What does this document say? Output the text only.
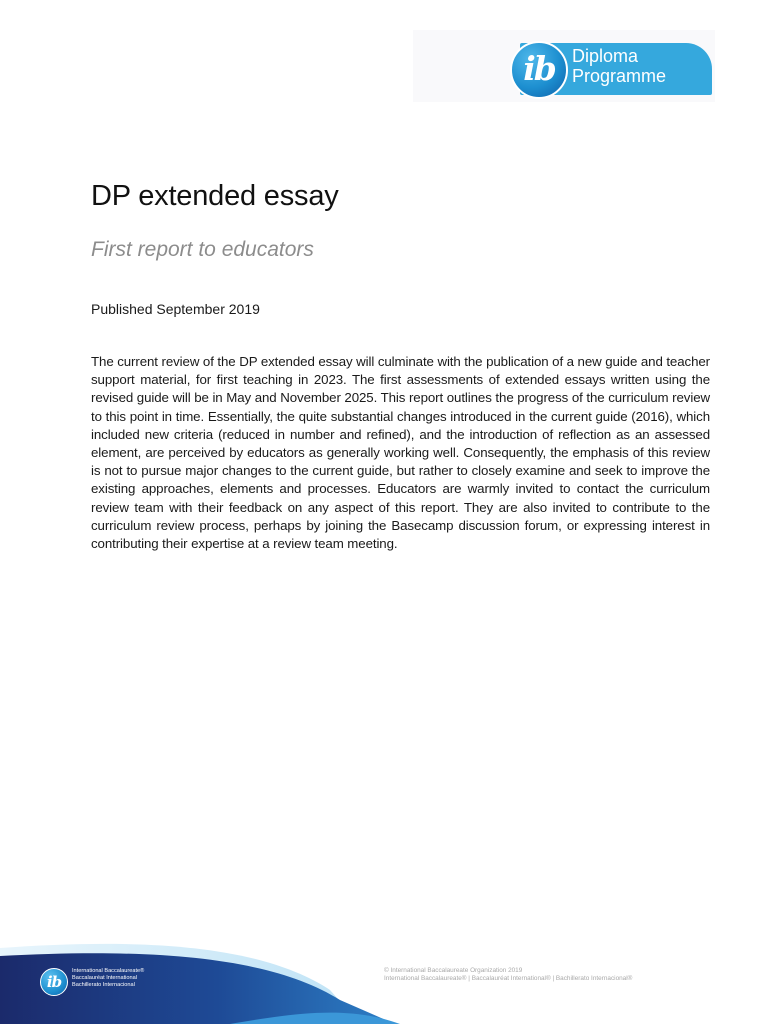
ib Diploma
Programme
DP extended essay
First report to educators

Published September 2019

The current review of the DP extended essay will culminate with the publication of a new guide and teacher support material, for first teaching in 2023. The first assessments of extended essays written using the revised guide will be in May and November 2025. This report outlines the progress of the curriculum review to this point in time. Essentially, the quite substantial changes introduced in the current guide (2016), which included new criteria (reduced in number and refined), and the introduction of reflection as an assessed element, are perceived by educators as generally working well. Consequently, the emphasis of this review is not to pursue major changes to the current guide, but rather to closely examine and seek to improve the existing approaches, elements and processes. Educators are warmly invited to contact the curriculum review team with their feedback on any aspect of this report. They are also invited to contribute to the curriculum review process, perhaps by joining the Basecamp discussion forum, or expressing interest in contributing their expertise at a review team meeting.

ib
International Baccalaureate®
Baccalauréat International
Bachillerato Internacional
© International Baccalaureate Organization 2019
International Baccalaureate® | Baccalauréat International® | Bachillerato Internacional®
